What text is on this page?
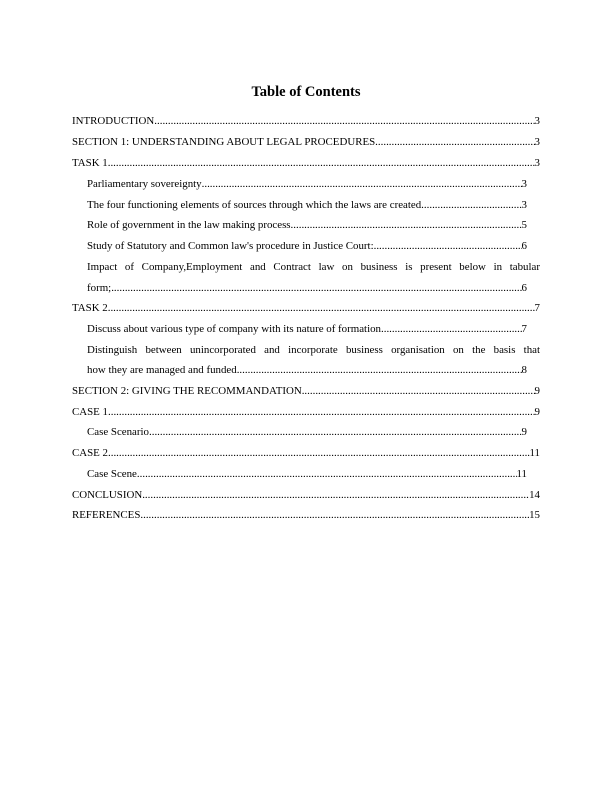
Table of Contents
INTRODUCTION .....	3
SECTION 1: UNDERSTANDING ABOUT LEGAL PROCEDURES .....	3
TASK 1 .....	3
Parliamentary sovereignty .....	3
The four functioning elements of sources through which the laws are created .....	3
Role of government in the law making process .....	5
Study of Statutory and Common law's procedure in Justice Court: .....	6
Impact of Company,Employment and Contract law on business is present below in tabular
form; .....	6
TASK 2 .....	7
Discuss about various type of company with its nature of formation .....	7
Distinguish between unincorporated and incorporate business organisation on the basis that
how they are managed and funded .....	8
SECTION 2: GIVING THE RECOMMANDATION .....	9
CASE 1 .....	9
Case Scenario .....	9
CASE 2 .....	11
Case Scene .....	11
CONCLUSION .....	14
REFERENCES .....	15
